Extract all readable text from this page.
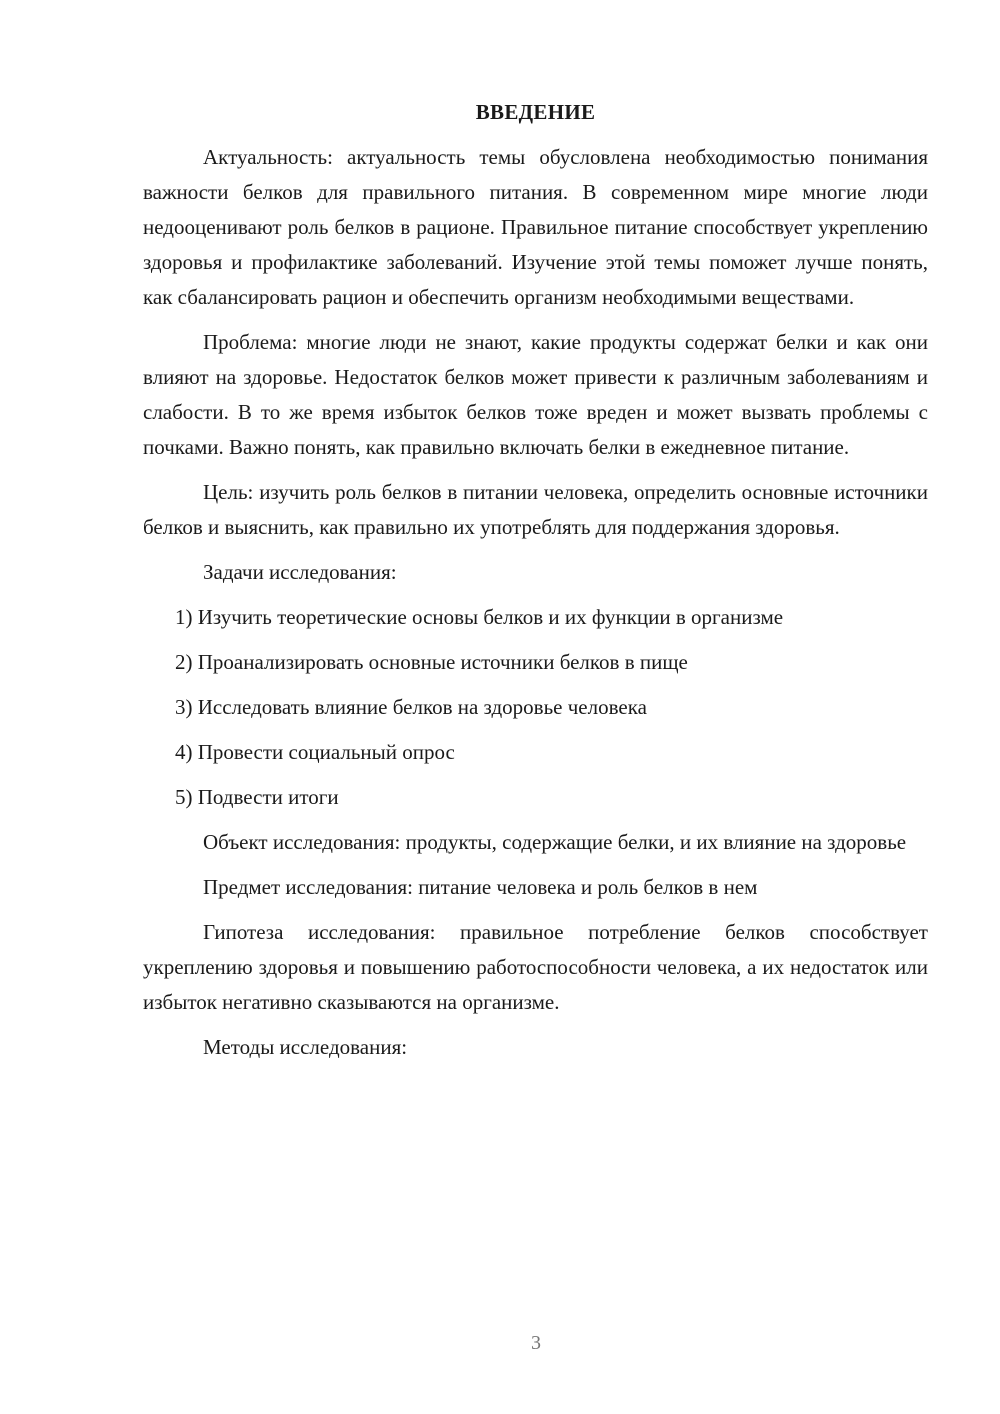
ВВЕДЕНИЕ
Актуальность: актуальность темы обусловлена необходимостью понимания важности белков для правильного питания. В современном мире многие люди недооценивают роль белков в рационе. Правильное питание способствует укреплению здоровья и профилактике заболеваний. Изучение этой темы поможет лучше понять, как сбалансировать рацион и обеспечить организм необходимыми веществами.
Проблема: многие люди не знают, какие продукты содержат белки и как они влияют на здоровье. Недостаток белков может привести к различным заболеваниям и слабости. В то же время избыток белков тоже вреден и может вызвать проблемы с почками. Важно понять, как правильно включать белки в ежедневное питание.
Цель: изучить роль белков в питании человека, определить основные источники белков и выяснить, как правильно их употреблять для поддержания здоровья.
Задачи исследования:
1) Изучить теоретические основы белков и их функции в организме
2) Проанализировать основные источники белков в пище
3) Исследовать влияние белков на здоровье человека
4) Провести социальный опрос
5) Подвести итоги
Объект исследования: продукты, содержащие белки, и их влияние на здоровье
Предмет исследования: питание человека и роль белков в нем
Гипотеза исследования: правильное потребление белков способствует укреплению здоровья и повышению работоспособности человека, а их недостаток или избыток негативно сказываются на организме.
Методы исследования:
3
